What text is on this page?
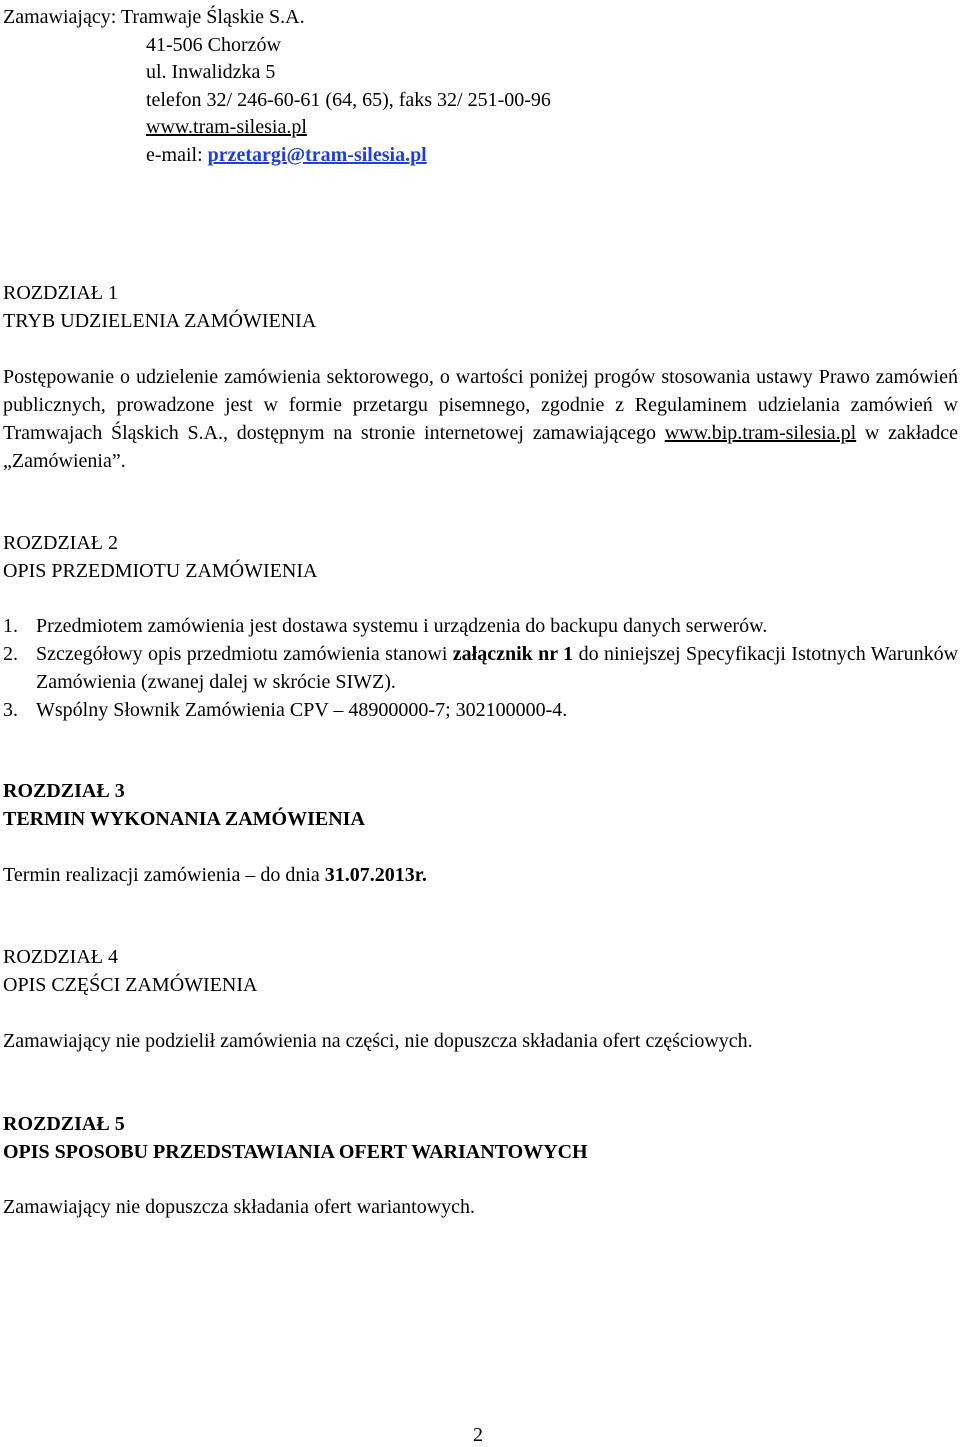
Zamawiający: Tramwaje Śląskie S.A.
41-506 Chorzów
ul. Inwalidzka 5
telefon 32/ 246-60-61 (64, 65), faks 32/ 251-00-96
www.tram-silesia.pl
e-mail: przetargi@tram-silesia.pl
ROZDZIAŁ 1
TRYB UDZIELENIA ZAMÓWIENIA
Postępowanie o udzielenie zamówienia sektorowego, o wartości poniżej progów stosowania ustawy Prawo zamówień publicznych, prowadzone jest w formie przetargu pisemnego, zgodnie z Regulaminem udzielania zamówień w Tramwajach Śląskich S.A., dostępnym na stronie internetowej zamawiającego www.bip.tram-silesia.pl w zakładce „Zamówienia”.
ROZDZIAŁ 2
OPIS PRZEDMIOTU ZAMÓWIENIA
1. Przedmiotem zamówienia jest dostawa systemu i urządzenia do backupu danych serwerów.
2. Szczegółowy opis przedmiotu zamówienia stanowi załącznik nr 1 do niniejszej Specyfikacji Istotnych Warunków Zamówienia (zwanej dalej w skrócie SIWZ).
3. Wspólny Słownik Zamówienia CPV – 48900000-7; 302100000-4.
ROZDZIAŁ 3
TERMIN WYKONANIA ZAMÓWIENIA
Termin realizacji zamówienia – do dnia 31.07.2013r.
ROZDZIAŁ 4
OPIS CZĘŚCI ZAMÓWIENIA
Zamawiający nie podzielił zamówienia na części, nie dopuszcza składania ofert częściowych.
ROZDZIAŁ 5
OPIS SPOSOBU PRZEDSTAWIANIA OFERT WARIANTOWYCH
Zamawiający nie dopuszcza składania ofert wariantowych.
2
